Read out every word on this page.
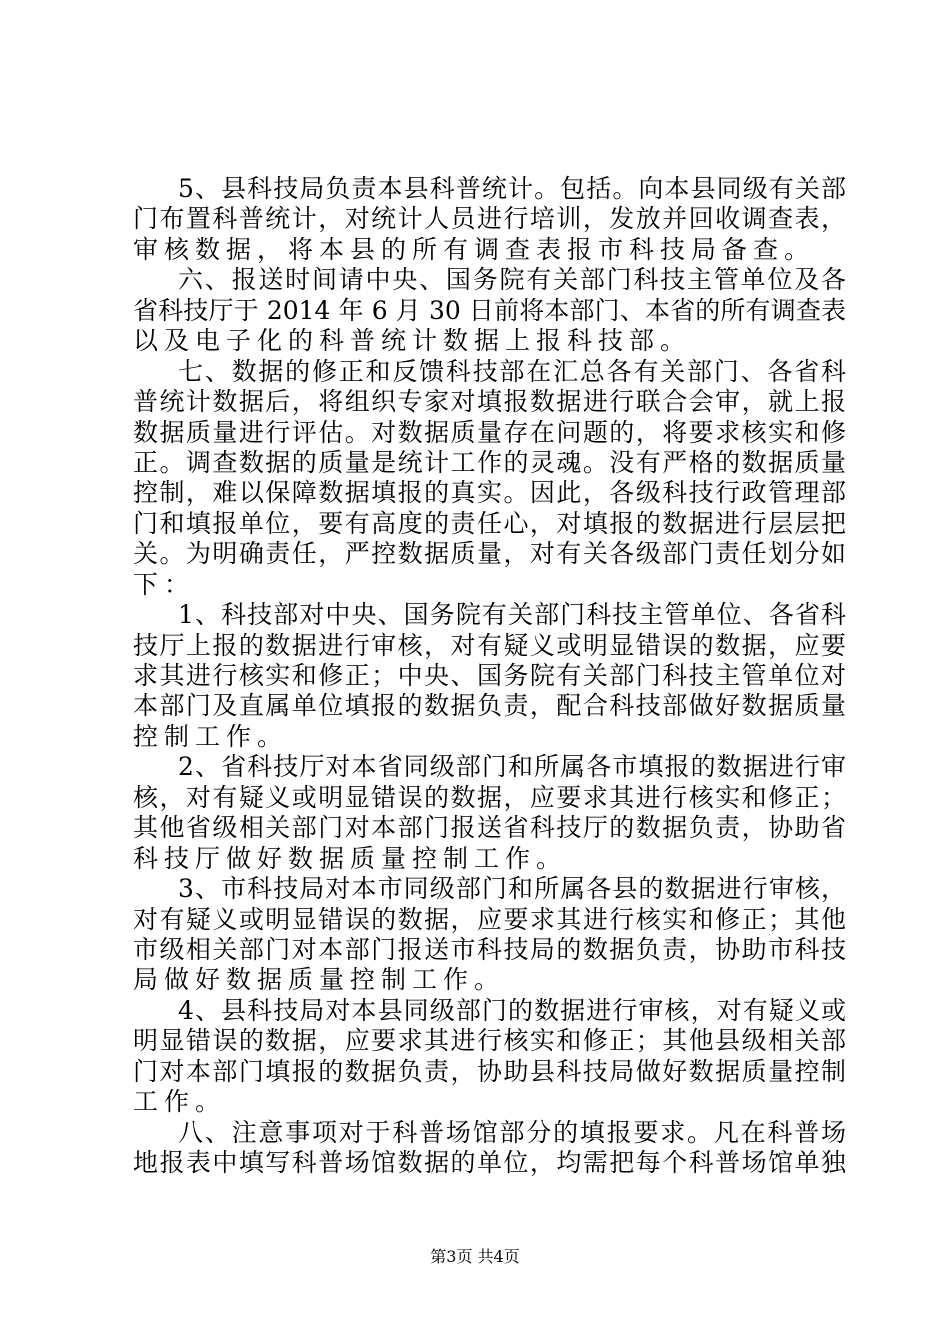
5、县科技局负责本县科普统计。包括。向本县同级有关部
门布置科普统计，对统计人员进行培训，发放并回收调查表，
审核数据，将本县的所有调查表报市科技局备查。
六、报送时间请中央、国务院有关部门科技主管单位及各
省科技厅于 2014 年 6 月 30 日前将本部门、本省的所有调查表
以及电子化的科普统计数据上报科技部。
七、数据的修正和反馈科技部在汇总各有关部门、各省科
普统计数据后，将组织专家对填报数据进行联合会审，就上报
数据质量进行评估。对数据质量存在问题的，将要求核实和修
正。调查数据的质量是统计工作的灵魂。没有严格的数据质量
控制，难以保障数据填报的真实。因此，各级科技行政管理部
门和填报单位，要有高度的责任心，对填报的数据进行层层把
关。为明确责任，严控数据质量，对有关各级部门责任划分如
下：
1、科技部对中央、国务院有关部门科技主管单位、各省科
技厅上报的数据进行审核，对有疑义或明显错误的数据，应要
求其进行核实和修正；中央、国务院有关部门科技主管单位对
本部门及直属单位填报的数据负责，配合科技部做好数据质量
控制工作。
2、省科技厅对本省同级部门和所属各市填报的数据进行审
核，对有疑义或明显错误的数据，应要求其进行核实和修正；
其他省级相关部门对本部门报送省科技厅的数据负责，协助省
科技厅做好数据质量控制工作。
3、市科技局对本市同级部门和所属各县的数据进行审核，
对有疑义或明显错误的数据，应要求其进行核实和修正；其他
市级相关部门对本部门报送市科技局的数据负责，协助市科技
局做好数据质量控制工作。
4、县科技局对本县同级部门的数据进行审核，对有疑义或
明显错误的数据，应要求其进行核实和修正；其他县级相关部
门对本部门填报的数据负责，协助县科技局做好数据质量控制
工作。
八、注意事项对于科普场馆部分的填报要求。凡在科普场
地报表中填写科普场馆数据的单位，均需把每个科普场馆单独
第3页 共4页
